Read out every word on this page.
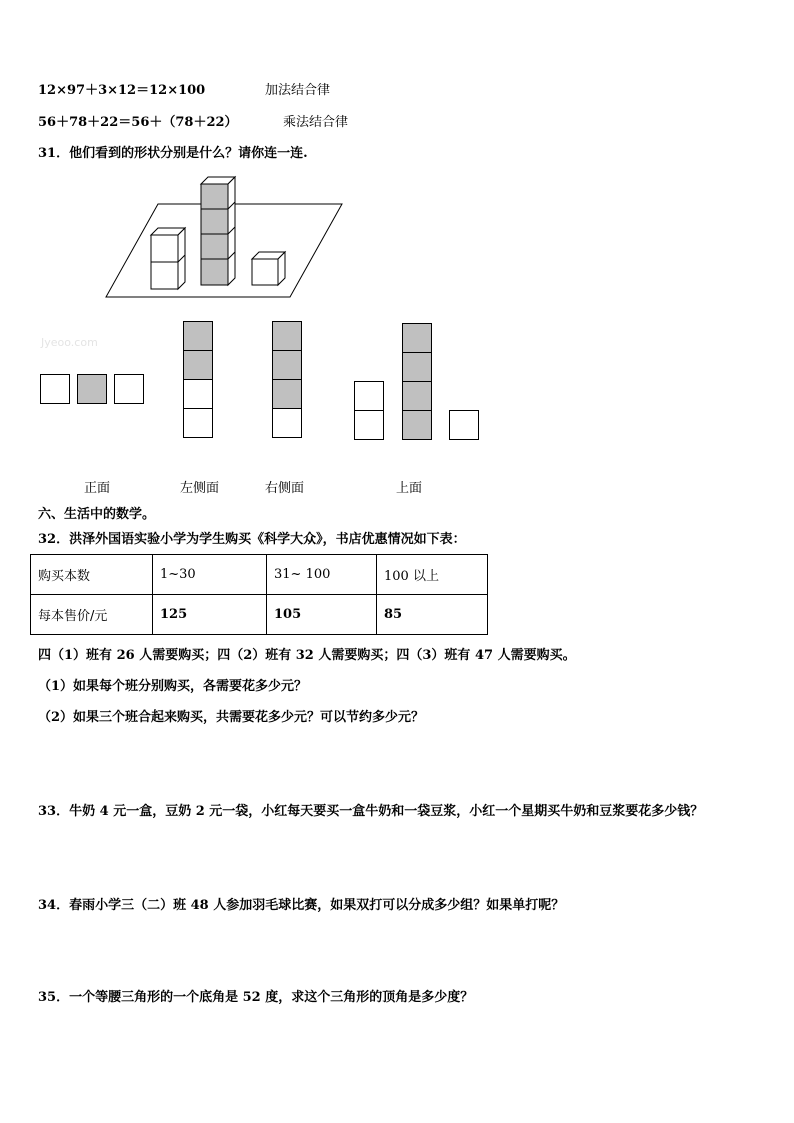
12×97＋3×12＝12×100	加法结合律
56＋78＋22＝56＋（78＋22）	乘法结合律
31．他们看到的形状分别是什么？请你连一连.
Jyeoo.com
正面	左侧面	右侧面	上面
六、生活中的数学。
32．洪泽外国语实验小学为学生购买《科学大众》，书店优惠情况如下表：
购买本数	1~30	31~ 100	100 以上
每本售价/元	125	105	85
四（1）班有 26 人需要购买；四（2）班有 32 人需要购买；四（3）班有 47 人需要购买。
（1）如果每个班分别购买，各需要花多少元？
（2）如果三个班合起来购买，共需要花多少元？可以节约多少元？
33．牛奶 4 元一盒，豆奶 2 元一袋，小红每天要买一盒牛奶和一袋豆浆，小红一个星期买牛奶和豆浆要花多少钱？
34．春雨小学三（二）班 48 人参加羽毛球比赛，如果双打可以分成多少组？如果单打呢？
35．一个等腰三角形的一个底角是 52 度，求这个三角形的顶角是多少度？
